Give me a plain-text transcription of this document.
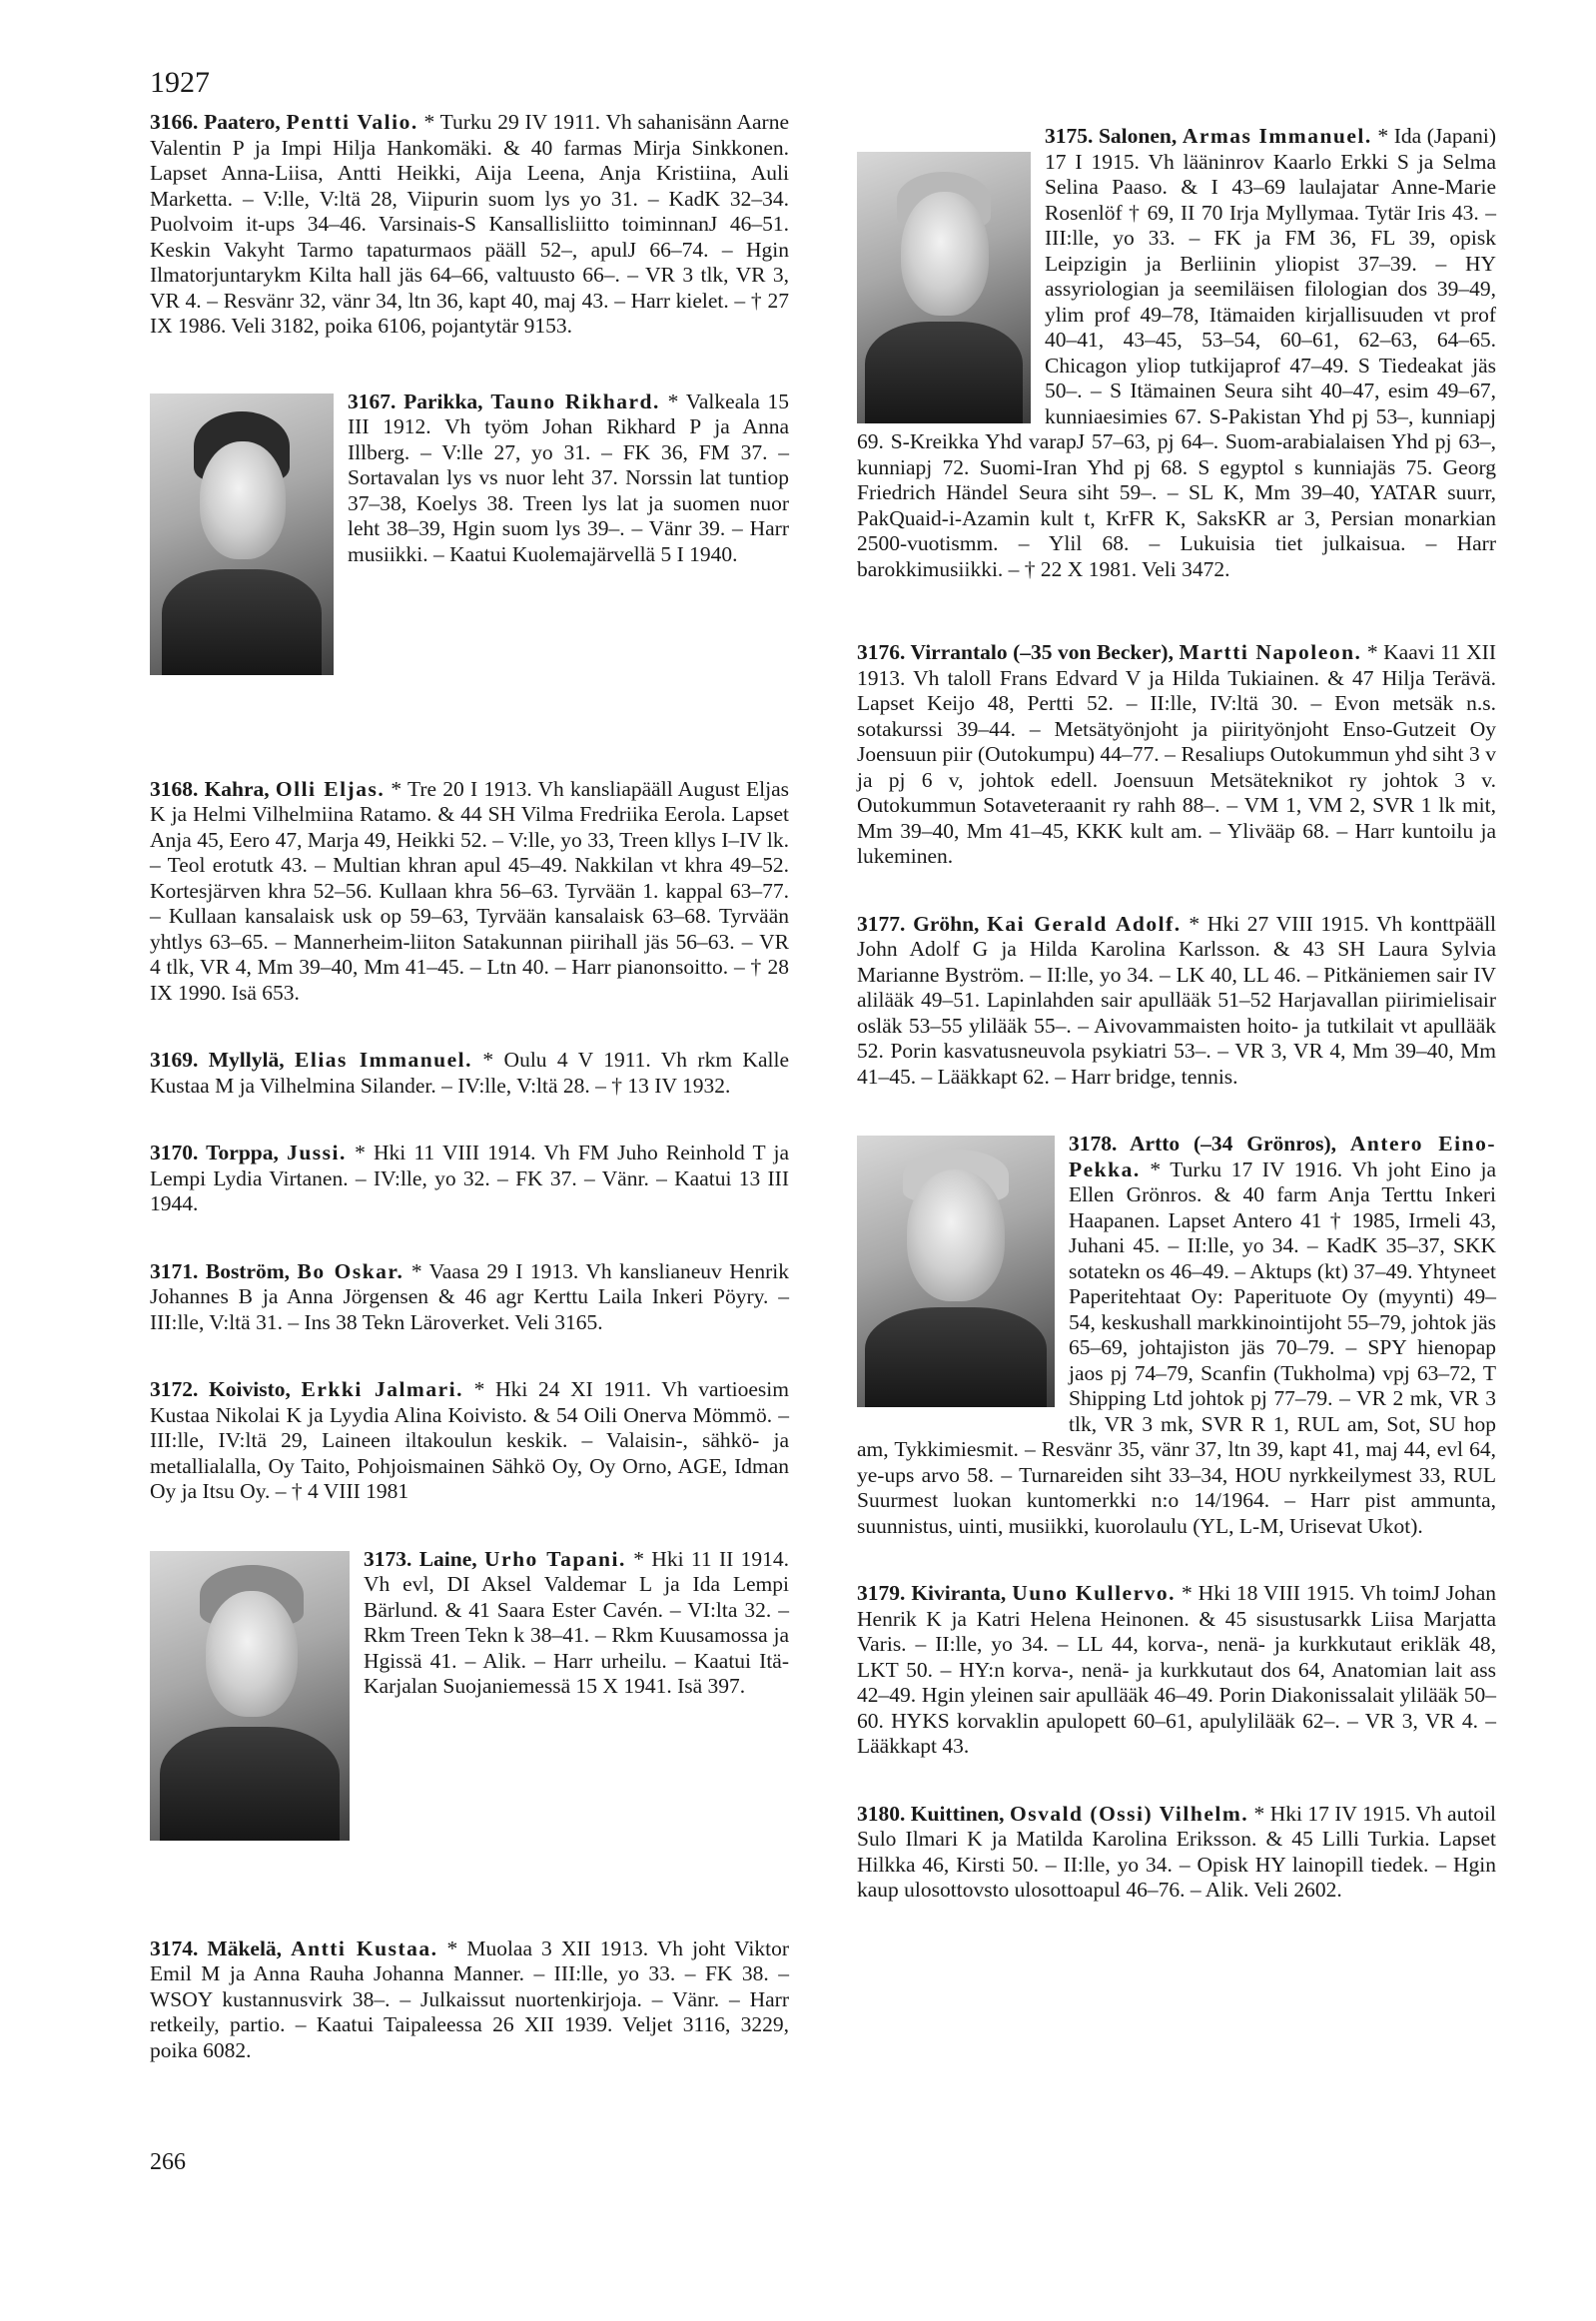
1927

3166. Paatero, Pentti Valio. * Turku 29 IV 1911. Vh sahanisänn Aarne Valentin P ja Impi Hilja Hankomäki. & 40 farmas Mirja Sinkkonen. Lapset Anna-Liisa, Antti Heikki, Aija Leena, Anja Kristiina, Auli Marketta. – V:lle, V:ltä 28, Viipurin suom lys yo 31. – KadK 32–34. Puolvoim it-ups 34–46. Varsinais-S Kansallisliitto toiminnanJ 46–51. Keskin Vakyht Tarmo tapaturmaos pääll 52–, apulJ 66–74. – Hgin Ilmatorjuntarykm Kilta hall jäs 64–66, valtuusto 66–. – VR 3 tlk, VR 3, VR 4. – Resvänr 32, vänr 34, ltn 36, kapt 40, maj 43. – Harr kielet. – † 27 IX 1986. Veli 3182, poika 6106, pojantytär 9153.

3167. Parikka, Tauno Rikhard. * Valkeala 15 III 1912. Vh työm Johan Rikhard P ja Anna Illberg. – V:lle 27, yo 31. – FK 36, FM 37. – Sortavalan lys vs nuor leht 37. Norssin lat tuntiop 37–38, Koelys 38. Treen lys lat ja suomen nuor leht 38–39, Hgin suom lys 39–. – Vänr 39. – Harr musiikki. – Kaatui Kuolemajärvellä 5 I 1940.

3168. Kahra, Olli Eljas. * Tre 20 I 1913. Vh kansliapääll August Eljas K ja Helmi Vilhelmiina Ratamo. & 44 SH Vilma Fredriika Eerola. Lapset Anja 45, Eero 47, Marja 49, Heikki 52. – V:lle, yo 33, Treen kllys I–IV lk. – Teol erotutk 43. – Multian khran apul 45–49. Nakkilan vt khra 49–52. Kortesjärven khra 52–56. Kullaan khra 56–63. Tyrvään 1. kappal 63–77. – Kullaan kansalaisk usk op 59–63, Tyrvään kansalaisk 63–68. Tyrvään yhtlys 63–65. – Mannerheim-liiton Satakunnan piirihall jäs 56–63. – VR 4 tlk, VR 4, Mm 39–40, Mm 41–45. – Ltn 40. – Harr pianonsoitto. – † 28 IX 1990. Isä 653.

3169. Myllylä, Elias Immanuel. * Oulu 4 V 1911. Vh rkm Kalle Kustaa M ja Vilhelmina Silander. – IV:lle, V:ltä 28. – † 13 IV 1932.

3170. Torppa, Jussi. * Hki 11 VIII 1914. Vh FM Juho Reinhold T ja Lempi Lydia Virtanen. – IV:lle, yo 32. – FK 37. – Vänr. – Kaatui 13 III 1944.

3171. Boström, Bo Oskar. * Vaasa 29 I 1913. Vh kanslianeuv Henrik Johannes B ja Anna Jörgensen & 46 agr Kerttu Laila Inkeri Pöyry. – III:lle, V:ltä 31. – Ins 38 Tekn Läroverket. Veli 3165.

3172. Koivisto, Erkki Jalmari. * Hki 24 XI 1911. Vh vartioesim Kustaa Nikolai K ja Lyydia Alina Koivisto. & 54 Oili Onerva Mömmö. – III:lle, IV:ltä 29, Laineen iltakoulun keskik. – Valaisin-, sähkö- ja metallialalla, Oy Taito, Pohjoismainen Sähkö Oy, Oy Orno, AGE, Idman Oy ja Itsu Oy. – † 4 VIII 1981

3173. Laine, Urho Tapani. * Hki 11 II 1914. Vh evl, DI Aksel Valdemar L ja Ida Lempi Bärlund. & 41 Saara Ester Cavén. – VI:lta 32. – Rkm Treen Tekn k 38–41. – Rkm Kuusamossa ja Hgissä 41. – Alik. – Harr urheilu. – Kaatui Itä-Karjalan Suojaniemessä 15 X 1941. Isä 397.

3174. Mäkelä, Antti Kustaa. * Muolaa 3 XII 1913. Vh joht Viktor Emil M ja Anna Rauha Johanna Manner. – III:lle, yo 33. – FK 38. – WSOY kustannusvirk 38–. – Julkaissut nuortenkirjoja. – Vänr. – Harr retkeily, partio. – Kaatui Taipaleessa 26 XII 1939. Veljet 3116, 3229, poika 6082.

3175. Salonen, Armas Immanuel. * Ida (Japani) 17 I 1915. Vh lääninrov Kaarlo Erkki S ja Selma Selina Paaso. & I 43–69 laulajatar Anne-Marie Rosenlöf † 69, II 70 Irja Myllymaa. Tytär Iris 43. – III:lle, yo 33. – FK ja FM 36, FL 39, opisk Leipzigin ja Berliinin yliopist 37–39. – HY assyriologian ja seemiläisen filologian dos 39–49, ylim prof 49–78, Itämaiden kirjallisuuden vt prof 40–41, 43–45, 53–54, 60–61, 62–63, 64–65. Chicagon yliop tutkijaprof 47–49. S Tiedeakat jäs 50–. – S Itämainen Seura siht 40–47, esim 49–67, kunniaesimies 67. S-Pakistan Yhd pj 53–, kunniapj 69. S-Kreikka Yhd varapJ 57–63, pj 64–. Suom-arabialaisen Yhd pj 63–, kunniapj 72. Suomi-Iran Yhd pj 68. S egyptol s kunniajäs 75. Georg Friedrich Händel Seura siht 59–. – SL K, Mm 39–40, YATAR suurr, PakQuaid-i-Azamin kult t, KrFR K, SaksKR ar 3, Persian monarkian 2500-vuotismm. – Ylil 68. – Lukuisia tiet julkaisua. – Harr barokkimusiikki. – † 22 X 1981. Veli 3472.

3176. Virrantalo (–35 von Becker), Martti Napoleon. * Kaavi 11 XII 1913. Vh taloll Frans Edvard V ja Hilda Tukiainen. & 47 Hilja Terävä. Lapset Keijo 48, Pertti 52. – II:lle, IV:ltä 30. – Evon metsäk n.s. sotakurssi 39–44. – Metsätyönjoht ja piirityönjoht Enso-Gutzeit Oy Joensuun piir (Outokumpu) 44–77. – Resaliups Outokummun yhd siht 3 v ja pj 6 v, johtok edell. Joensuun Metsäteknikot ry johtok 3 v. Outokummun Sotaveteraanit ry rahh 88–. – VM 1, VM 2, SVR 1 lk mit, Mm 39–40, Mm 41–45, KKK kult am. – Ylivääp 68. – Harr kuntoilu ja lukeminen.

3177. Gröhn, Kai Gerald Adolf. * Hki 27 VIII 1915. Vh konttpääll John Adolf G ja Hilda Karolina Karlsson. & 43 SH Laura Sylvia Marianne Byström. – II:lle, yo 34. – LK 40, LL 46. – Pitkäniemen sair IV alilääk 49–51. Lapinlahden sair apullääk 51–52 Harjavallan piirimielisair osläk 53–55 ylilääk 55–. – Aivovammaisten hoito- ja tutkilait vt apullääk 52. Porin kasvatusneuvola psykiatri 53–. – VR 3, VR 4, Mm 39–40, Mm 41–45. – Lääkkapt 62. – Harr bridge, tennis.

3178. Artto (–34 Grönros), Antero Eino-Pekka. * Turku 17 IV 1916. Vh joht Eino ja Ellen Grönros. & 40 farm Anja Terttu Inkeri Haapanen. Lapset Antero 41 † 1985, Irmeli 43, Juhani 45. – II:lle, yo 34. – KadK 35–37, SKK sotatekn os 46–49. – Aktups (kt) 37–49. Yhtyneet Paperitehtaat Oy: Paperituote Oy (myynti) 49–54, keskushall markkinointijoht 55–79, johtok jäs 65–69, johtajiston jäs 70–79. – SPY hienopap jaos pj 74–79, Scanfin (Tukholma) vpj 63–72, T Shipping Ltd johtok pj 77–79. – VR 2 mk, VR 3 tlk, VR 3 mk, SVR R 1, RUL am, Sot, SU hop am, Tykkimiesmit. – Resvänr 35, vänr 37, ltn 39, kapt 41, maj 44, evl 64, ye-ups arvo 58. – Turnareiden siht 33–34, HOU nyrkkeilymest 33, RUL Suurmest luokan kuntomerkki n:o 14/1964. – Harr pist ammunta, suunnistus, uinti, musiikki, kuorolaulu (YL, L-M, Urisevat Ukot).

3179. Kiviranta, Uuno Kullervo. * Hki 18 VIII 1915. Vh toimJ Johan Henrik K ja Katri Helena Heinonen. & 45 sisustusarkk Liisa Marjatta Varis. – II:lle, yo 34. – LL 44, korva-, nenä- ja kurkkutaut erikläk 48, LKT 50. – HY:n korva-, nenä- ja kurkkutaut dos 64, Anatomian lait ass 42–49. Hgin yleinen sair apullääk 46–49. Porin Diakonissalait ylilääk 50–60. HYKS korvaklin apulopett 60–61, apulylilääk 62–. – VR 3, VR 4. – Lääkkapt 43.

3180. Kuittinen, Osvald (Ossi) Vilhelm. * Hki 17 IV 1915. Vh autoil Sulo Ilmari K ja Matilda Karolina Eriksson. & 45 Lilli Turkia. Lapset Hilkka 46, Kirsti 50. – II:lle, yo 34. – Opisk HY lainopill tiedek. – Hgin kaup ulosottovsto ulosottoapul 46–76. – Alik. Veli 2602.

266
